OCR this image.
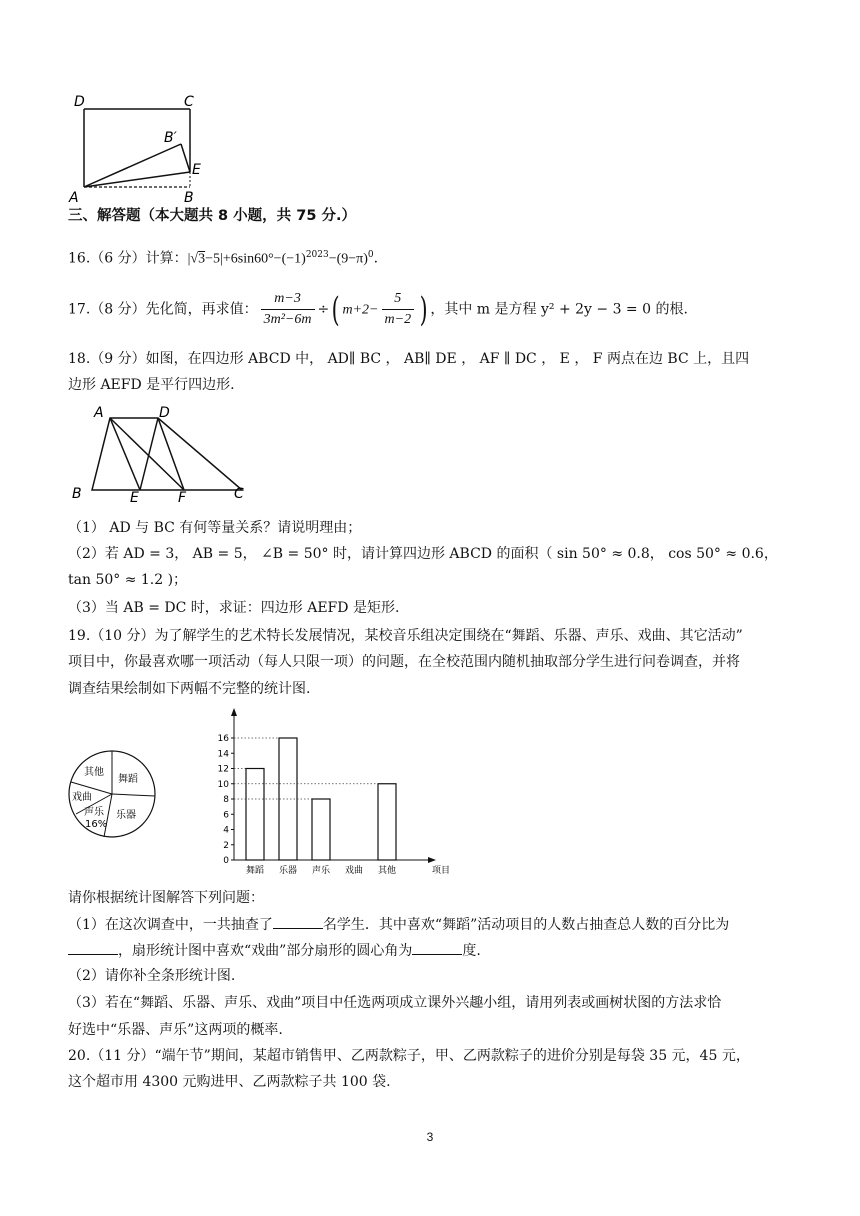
D	C
B′
E
A	B
三、解答题（本大题共 8 小题，共 75 分.）
16.（6 分）计算：$|√3-5|+6\sin 60^\circ-(-1)^{2023}-(9-\pi)^0$.
17.（8 分）先化简，再求值： $\frac{m-3}{\text{3m²−6m}}$ ÷( $m+2- \frac{5}{m-2}$ ) ，其中 m 是方程 y² + 2y − 3 = 0 的根.
18.（9 分）如图，在四边形 ABCD 中， AD∥ BC ， AB∥ DE ， AF ∥ DC ， E ， F 两点在边 BC 上，且四
边形 AEFD 是平行四边形.
A	D
B	E	F	C
（1） AD 与 BC 有何等量关系？请说明理由；
（2）若 AD = 3， AB = 5， ∠B = 50° 时，请计算四边形 ABCD 的面积（ sin 50° ≈ 0.8， cos 50° ≈ 0.6，
tan 50° ≈ 1.2 )；
（3）当 AB = DC 时，求证：四边形 AEFD 是矩形.
19.（10 分）为了解学生的艺术特长发展情况，某校音乐组决定围绕在“舞蹈、乐器、声乐、戏曲、其它活动”
项目中，你最喜欢哪一项活动（每人只限一项）的问题，在全校范围内随机抽取部分学生进行问卷调查，并将
调查结果绘制如下两幅不完整的统计图.
其他
舞蹈
戏曲
声乐
16%
乐器
0
2
4
6
8
10
12
14
16
舞蹈 乐器 声乐 戏曲 其他	项目
请你根据统计图解答下列问题：
（1）在这次调查中，一共抽查了	名学生．其中喜欢“舞蹈”活动项目的人数占抽查总人数的百分比为
，扇形统计图中喜欢“戏曲”部分扇形的圆心角为	度.
（2）请你补全条形统计图.
（3）若在“舞蹈、乐器、声乐、戏曲”项目中任选两项成立课外兴趣小组，请用列表或画树状图的方法求恰
好选中“乐器、声乐”这两项的概率.
20.（11 分）“端午节”期间，某超市销售甲、乙两款粽子，甲、乙两款粽子的进价分别是每袋 35 元，45 元，
这个超市用 4300 元购进甲、乙两款粽子共 100 袋.
3
